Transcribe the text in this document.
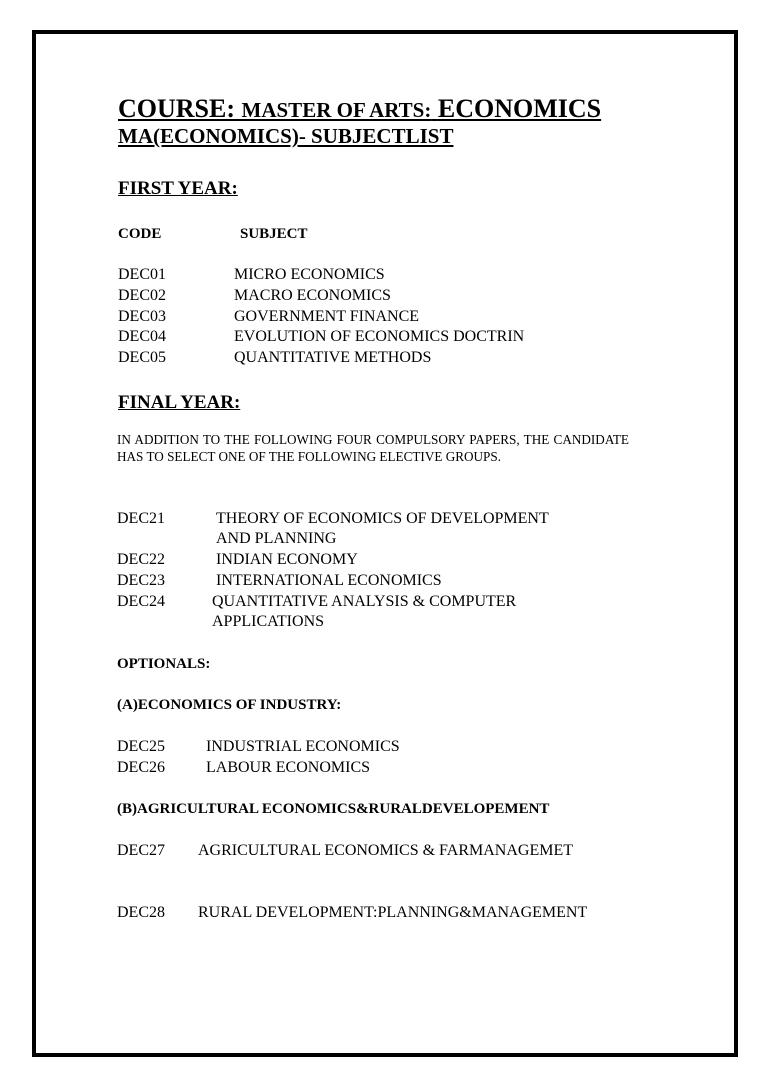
COURSE: MASTER OF ARTS: ECONOMICS
MA(ECONOMICS)- SUBJECTLIST
FIRST YEAR:
CODE	SUBJECT
DEC01	MICRO ECONOMICS
DEC02	MACRO ECONOMICS
DEC03	GOVERNMENT FINANCE
DEC04	EVOLUTION OF ECONOMICS DOCTRIN
DEC05	QUANTITATIVE METHODS
FINAL YEAR:
IN ADDITION TO THE FOLLOWING FOUR COMPULSORY PAPERS, THE CANDIDATE HAS TO SELECT ONE OF THE FOLLOWING ELECTIVE GROUPS.
DEC21	THEORY OF ECONOMICS OF DEVELOPMENT
AND PLANNING
DEC22	INDIAN ECONOMY
DEC23	INTERNATIONAL ECONOMICS
DEC24	QUANTITATIVE ANALYSIS & COMPUTER
APPLICATIONS
OPTIONALS:
(A)ECONOMICS OF INDUSTRY:
DEC25	INDUSTRIAL ECONOMICS
DEC26	LABOUR ECONOMICS
(B)AGRICULTURAL ECONOMICS&RURALDEVELOPEMENT
DEC27 AGRICULTURAL ECONOMICS & FARMANAGEMET
DEC28 RURAL DEVELOPMENT:PLANNING&MANAGEMENT
